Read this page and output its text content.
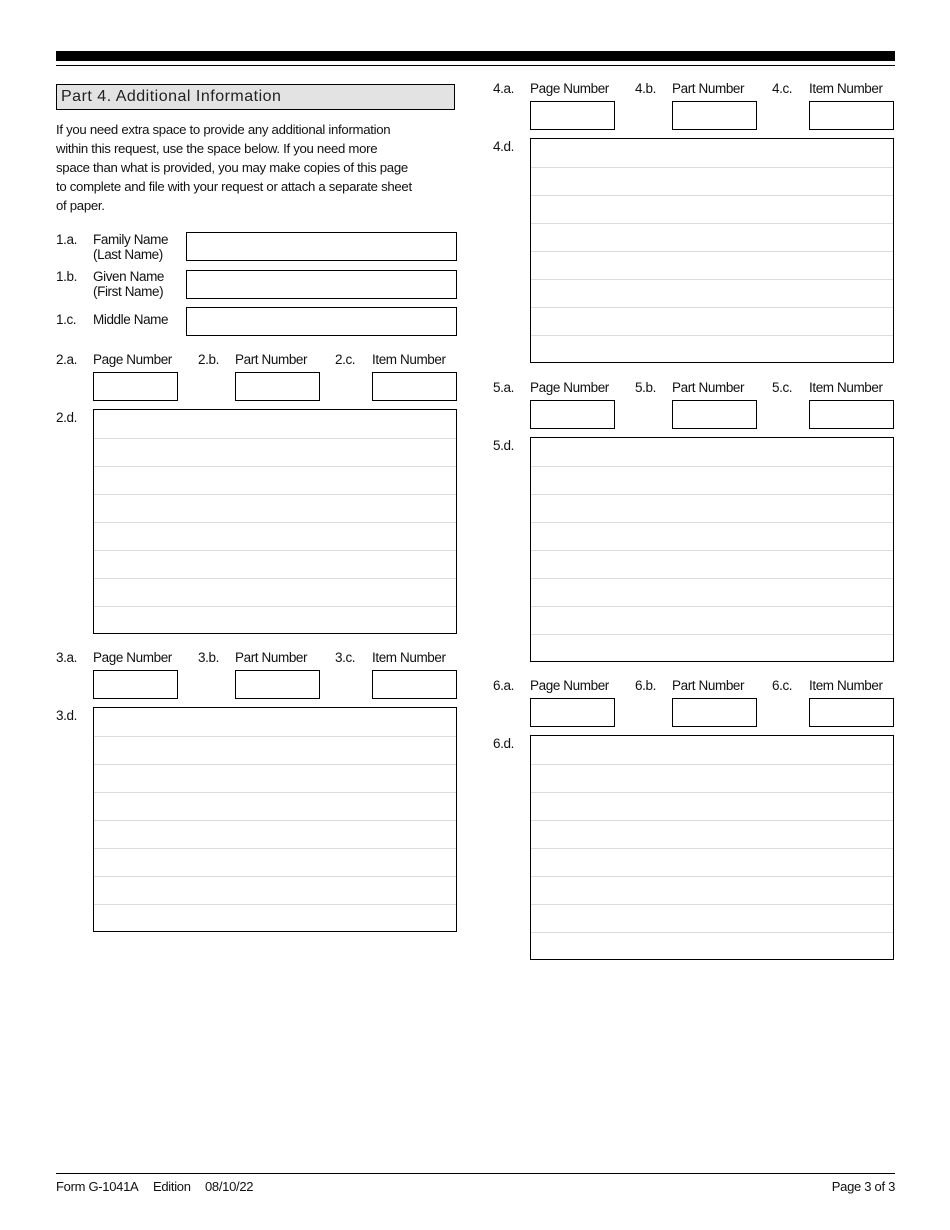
Part 4. Additional Information
If you need extra space to provide any additional information
within this request, use the space below. If you need more
space than what is provided, you may make copies of this page
to complete and file with your request or attach a separate sheet
of paper.
1.a. Family Name
(Last Name)
1.b. Given Name
(First Name)
1.c. Middle Name
2.a. Page Number 2.b. Part Number 2.c. Item Number
2.d.
3.a. Page Number 3.b. Part Number 3.c. Item Number
3.d.
4.a. Page Number 4.b. Part Number 4.c. Item Number
4.d.
5.a. Page Number 5.b. Part Number 5.c. Item Number
5.d.
6.a. Page Number 6.b. Part Number 6.c. Item Number
6.d.
Form G-1041A Edition 08/10/22	Page 3 of 3
